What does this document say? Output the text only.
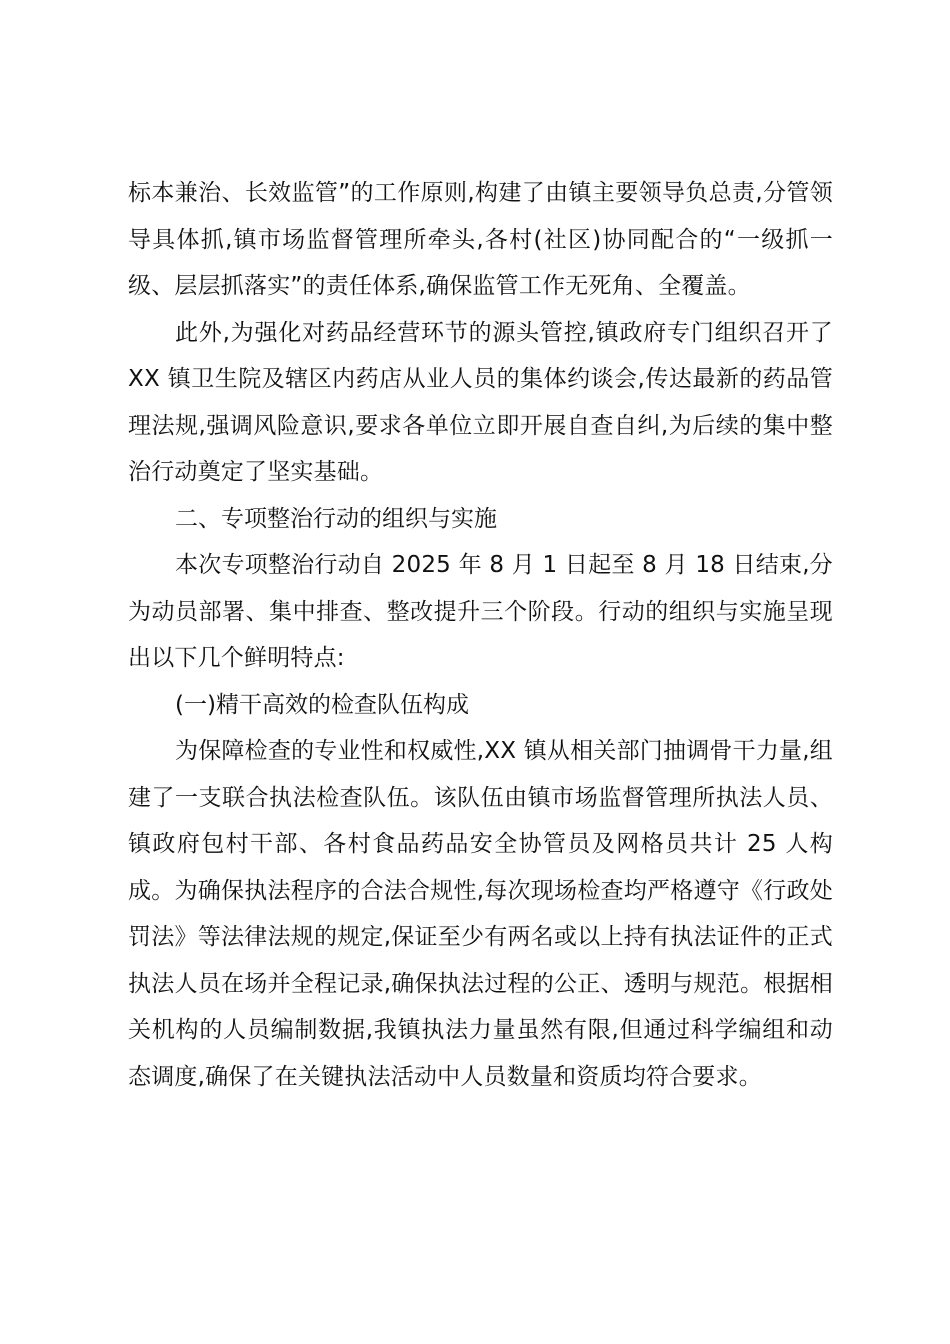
标本兼治、长效监管”的工作原则,构建了由镇主要领导负总责,分管领导具体抓,镇市场监督管理所牵头,各村(社区)协同配合的“一级抓一级、层层抓落实”的责任体系,确保监管工作无死角、全覆盖。

此外,为强化对药品经营环节的源头管控,镇政府专门组织召开了 XX 镇卫生院及辖区内药店从业人员的集体约谈会,传达最新的药品管理法规,强调风险意识,要求各单位立即开展自查自纠,为后续的集中整治行动奠定了坚实基础。

二、专项整治行动的组织与实施

本次专项整治行动自 2025 年 8 月 1 日起至 8 月 18 日结束,分为动员部署、集中排查、整改提升三个阶段。行动的组织与实施呈现出以下几个鲜明特点:

(一)精干高效的检查队伍构成

为保障检查的专业性和权威性,XX 镇从相关部门抽调骨干力量,组建了一支联合执法检查队伍。该队伍由镇市场监督管理所执法人员、镇政府包村干部、各村食品药品安全协管员及网格员共计 25 人构成。为确保执法程序的合法合规性,每次现场检查均严格遵守《行政处罚法》等法律法规的规定,保证至少有两名或以上持有执法证件的正式执法人员在场并全程记录,确保执法过程的公正、透明与规范。根据相关机构的人员编制数据,我镇执法力量虽然有限,但通过科学编组和动态调度,确保了在关键执法活动中人员数量和资质均符合要求。
